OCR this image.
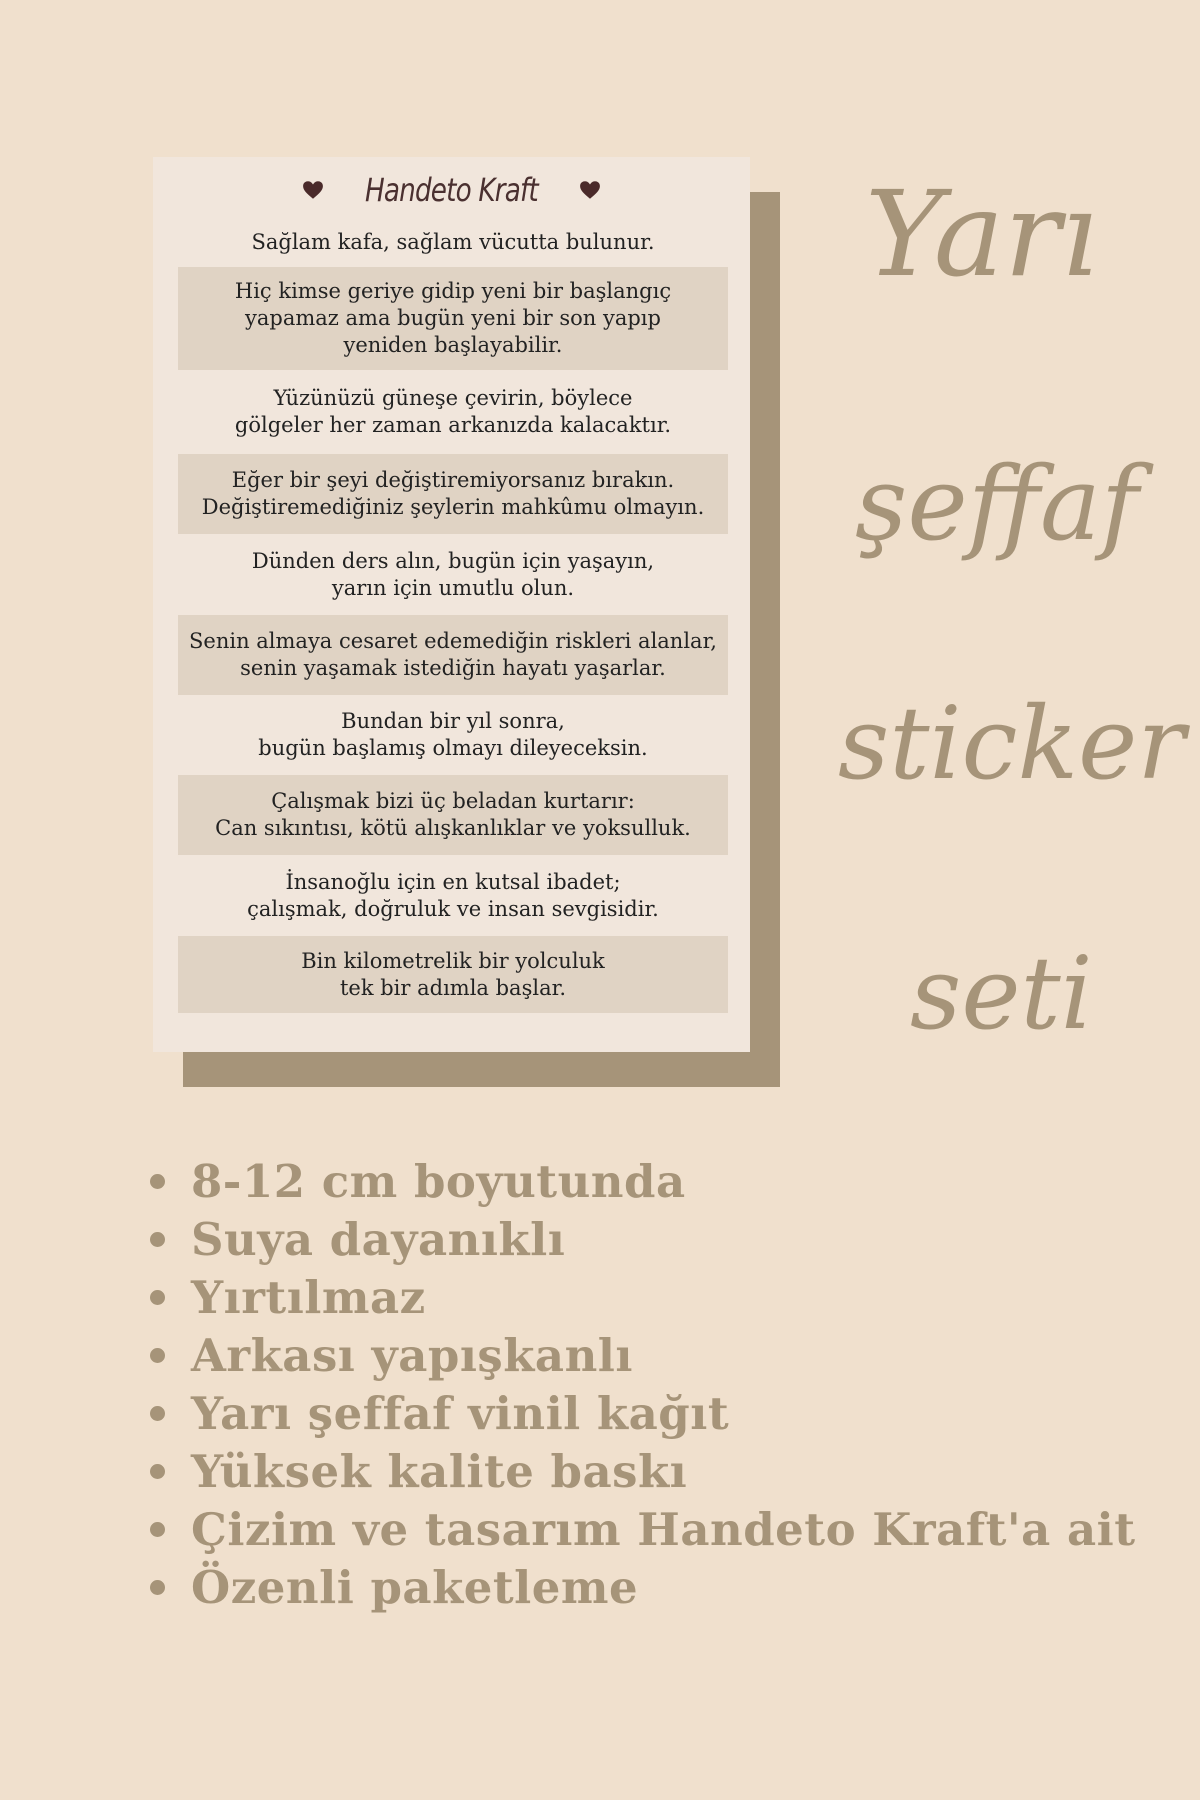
Handeto Kraft
Sağlam kafa, sağlam vücutta bulunur.
Hiç kimse geriye gidip yeni bir başlangıç
yapamaz ama bugün yeni bir son yapıp
yeniden başlayabilir.
Yüzünüzü güneşe çevirin, böylece
gölgeler her zaman arkanızda kalacaktır.
Eğer bir şeyi değiştiremiyorsanız bırakın.
Değiştiremediğiniz şeylerin mahkûmu olmayın.
Dünden ders alın, bugün için yaşayın,
yarın için umutlu olun.
Senin almaya cesaret edemediğin riskleri alanlar,
senin yaşamak istediğin hayatı yaşarlar.
Bundan bir yıl sonra,
bugün başlamış olmayı dileyeceksin.
Çalışmak bizi üç beladan kurtarır:
Can sıkıntısı, kötü alışkanlıklar ve yoksulluk.
İnsanoğlu için en kutsal ibadet;
çalışmak, doğruluk ve insan sevgisidir.
Bin kilometrelik bir yolculuk
tek bir adımla başlar.
Yarı
şeffaf
sticker
seti
8-12 cm boyutunda
Suya dayanıklı
Yırtılmaz
Arkası yapışkanlı
Yarı şeffaf vinil kağıt
Yüksek kalite baskı
Çizim ve tasarım Handeto Kraft'a ait
Özenli paketleme
